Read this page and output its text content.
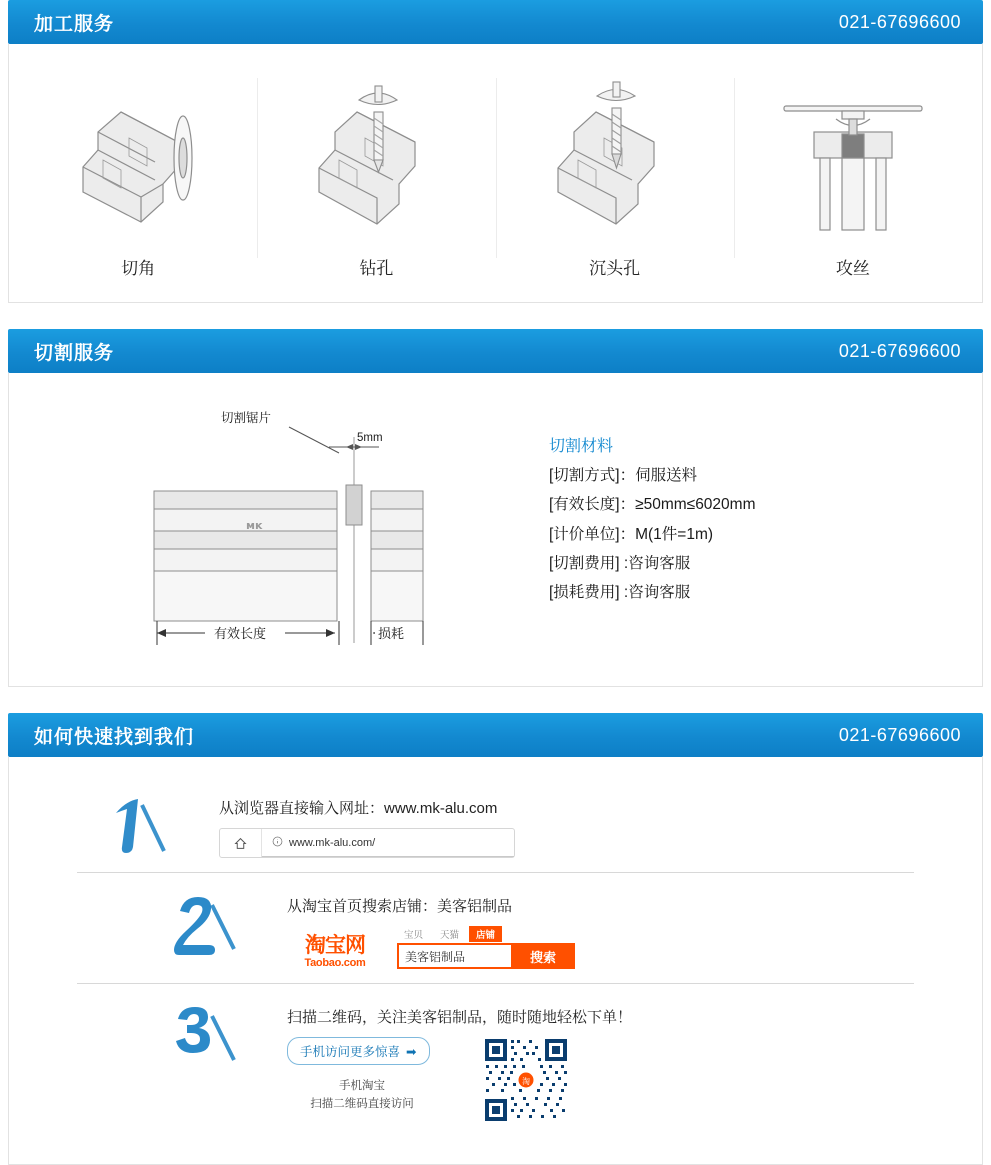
加工服务	021-67696600
切角	钻孔	沉头孔	攻丝
切割服务	021-67696600
ᴍᴋ
切割锯片
5mm
有效长度	损耗
切割材料

[切割方式]：伺服送料

[有效长度]：≥50mm≤6020mm

[计价单位]：M(1件=1m)

[切割费用] :咨询客服

[损耗费用] :咨询客服

如何快速找到我们	021-67696600
从浏览器直接输入网址：www.mk-alu.com
www.mk-alu.com/
从淘宝首页搜索店铺：美客铝制品
淘宝网
Taobao.com
宝贝	天猫	店铺
美客铝制品	搜索
扫描二维码，关注美客铝制品，随时随地轻松下单！
手机访问更多惊喜 ➡
手机淘宝
扫描二维码直接访问
淘
